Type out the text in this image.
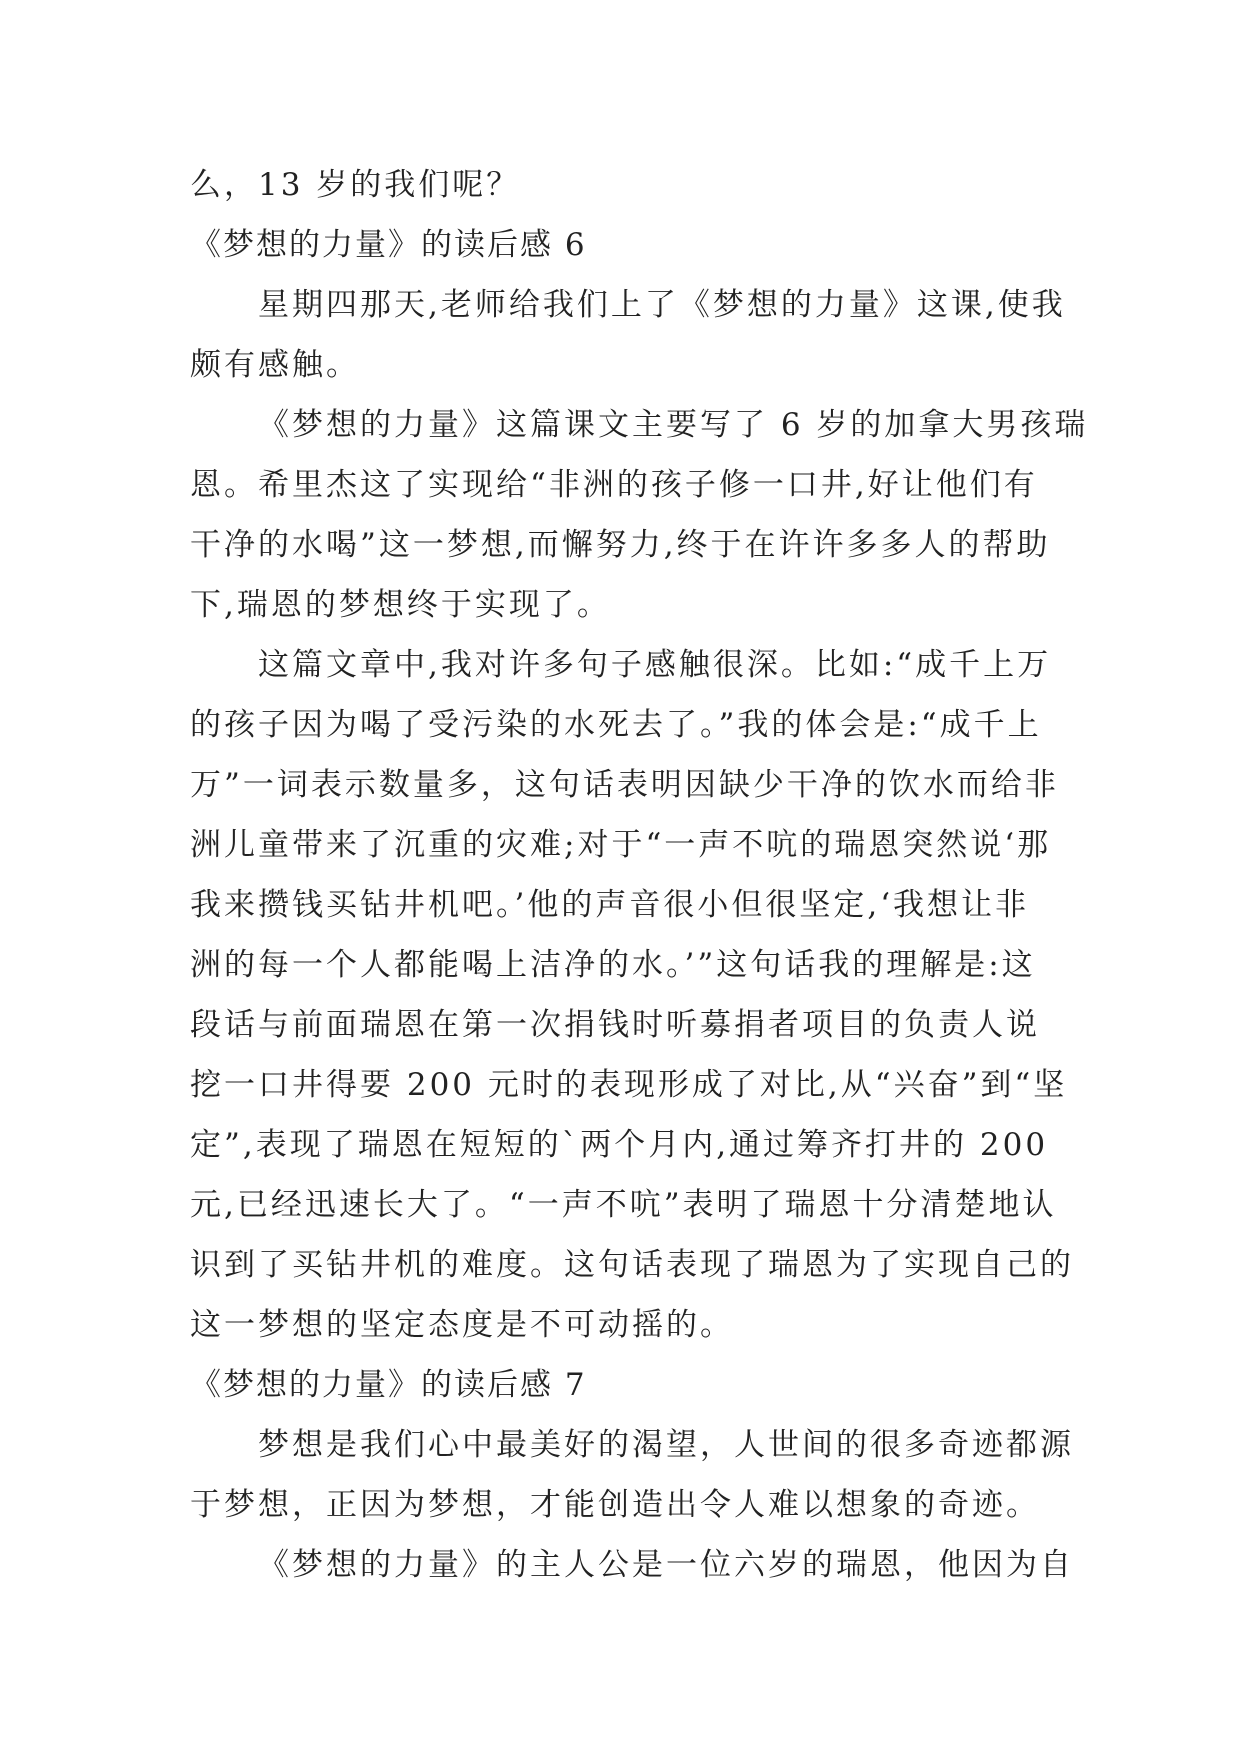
么，13 岁的我们呢？
《梦想的力量》的读后感 6
星期四那天,老师给我们上了《梦想的力量》这课,使我
颇有感触。
《梦想的力量》这篇课文主要写了 6 岁的加拿大男孩瑞
恩。希里杰这了实现给“非洲的孩子修一口井,好让他们有
干净的水喝”这一梦想,而懈努力,终于在许许多多人的帮助
下,瑞恩的梦想终于实现了。
这篇文章中,我对许多句子感触很深。比如:“成千上万
的孩子因为喝了受污染的水死去了。”我的体会是:“成千上
万”一词表示数量多，这句话表明因缺少干净的饮水而给非
洲儿童带来了沉重的灾难;对于“一声不吭的瑞恩突然说‘那
我来攒钱买钻井机吧。’他的声音很小但很坚定,‘我想让非
洲的每一个人都能喝上洁净的水。’”这句话我的理解是:这
段话与前面瑞恩在第一次捐钱时听募捐者项目的负责人说
挖一口井得要 200 元时的表现形成了对比,从“兴奋”到“坚
定”,表现了瑞恩在短短的`两个月内,通过筹齐打井的 200
元,已经迅速长大了。“一声不吭”表明了瑞恩十分清楚地认
识到了买钻井机的难度。这句话表现了瑞恩为了实现自己的
这一梦想的坚定态度是不可动摇的。
《梦想的力量》的读后感 7
梦想是我们心中最美好的渴望，人世间的很多奇迹都源
于梦想，正因为梦想，才能创造出令人难以想象的奇迹。
《梦想的力量》的主人公是一位六岁的瑞恩，他因为自
